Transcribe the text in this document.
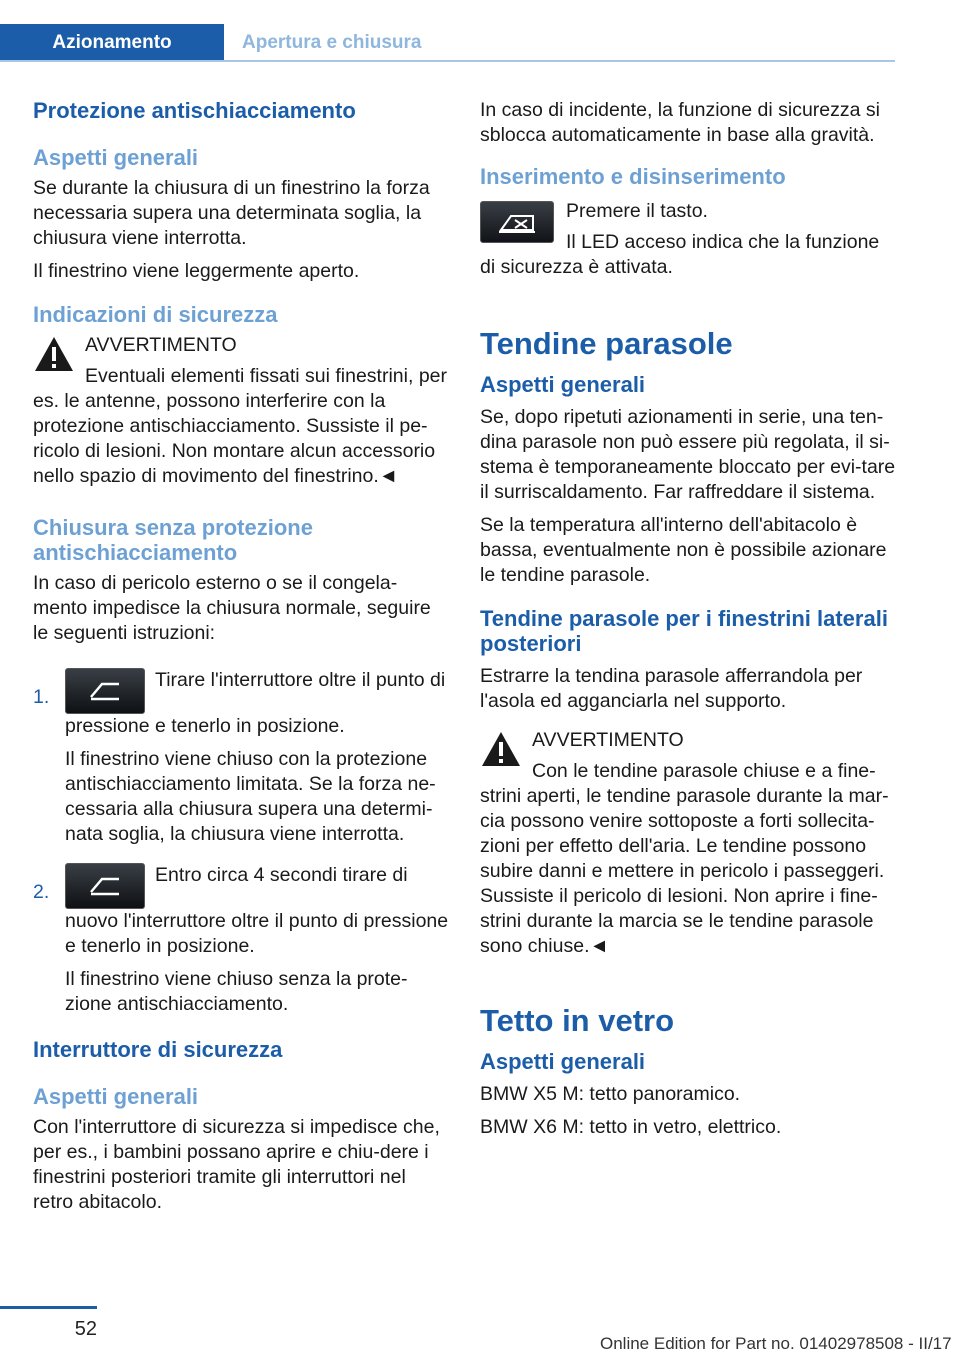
Azionamento	Apertura e chiusura
Protezione antischiacciamento
Aspetti generali

Se durante la chiusura di un finestrino la forza necessaria supera una determinata soglia, la chiusura viene interrotta.

Il finestrino viene leggermente aperto.

Indicazioni di sicurezza

AVVERTIMENTO

Eventuali elementi fissati sui finestrini, per es. le antenne, possono interferire con la protezione antischiacciamento. Sussiste il pe-ricolo di lesioni. Non montare alcun accessorio nello spazio di movimento del finestrino.◄

Chiusura senza protezione antischiacciamento

In caso di pericolo esterno o se il congela-mento impedisce la chiusura normale, seguire le seguenti istruzioni:

1.

Tirare l'interruttore oltre il punto di pressione e tenerlo in posizione.

Il finestrino viene chiuso con la protezione antischiacciamento limitata. Se la forza ne-cessaria alla chiusura supera una determi-nata soglia, la chiusura viene interrotta.

2.

Entro circa 4 secondi tirare di nuovo l'interruttore oltre il punto di pressione e tenerlo in posizione.

Il finestrino viene chiuso senza la prote-zione antischiacciamento.

Interruttore di sicurezza
Aspetti generali

Con l'interruttore di sicurezza si impedisce che, per es., i bambini possano aprire e chiu-dere i finestrini posteriori tramite gli interruttori nel retro abitacolo.

In caso di incidente, la funzione di sicurezza si sblocca automaticamente in base alla gravità.

Inserimento e disinserimento

Premere il tasto.

Il LED acceso indica che la funzione di sicurezza è attivata.

Tendine parasole
Aspetti generali

Se, dopo ripetuti azionamenti in serie, una ten-dina parasole non può essere più regolata, il si-stema è temporaneamente bloccato per evi-tare il surriscaldamento. Far raffreddare il sistema.

Se la temperatura all'interno dell'abitacolo è bassa, eventualmente non è possibile azionare le tendine parasole.

Tendine parasole per i finestrini laterali posteriori

Estrarre la tendina parasole afferrandola per l'asola ed agganciarla nel supporto.

AVVERTIMENTO

Con le tendine parasole chiuse e a fine-strini aperti, le tendine parasole durante la mar-cia possono venire sottoposte a forti sollecita-zioni per effetto dell'aria. Le tendine possono subire danni e mettere in pericolo i passeggeri. Sussiste il pericolo di lesioni. Non aprire i fine-strini durante la marcia se le tendine parasole sono chiuse.◄

Tetto in vetro
Aspetti generali

BMW X5 M: tetto panoramico.

BMW X6 M: tetto in vetro, elettrico.

52
Online Edition for Part no. 01402978508 - II/17
